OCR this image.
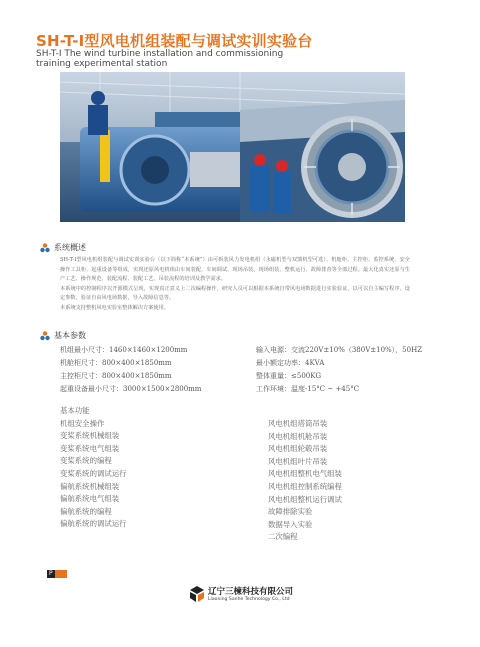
SH-T-I型风电机组装配与调试实训实验台
SH-T-I The wind turbine installation and commissioning
training experimental station
系统概述

SH-T-I型风电机组装配与调试实训实验台（以下简称“本系统”）由可拆装风力发电机组（永磁机型与双馈机型可选）、机舱柜、主控柜、监控系统、安全操作工具柜、起重设备等组成，实现还原风电机组由车间装配、车间调试、现场吊装、现场组装、整机运行、故障排查等全部过程。最大化真实还原与生产工艺、操作规范、装配流程、装配工艺、吊装流程的培训及教学需求。

本系统中的控制程序以开源模式呈现，实现真正意义上二次编程操作，研究人员可以根据本系统自带风电场数据进行实验验证，以可以自主编写程序，设定参数，验证自由风电场数据，导入故障信息等。

本系统支持整机风电实验室整体解决方案使用。

基本参数
机组最小尺寸：1460×1460×1200mm
机舱柜尺寸：800×400×1850mm
主控柜尺寸：800×400×1850mm
起重设备最小尺寸：3000×1500×2800mm
输入电源：交流220V±10%（380V±10%），50HZ
最小额定功率：4KVA
整体重量：≤500KG
工作环境：温度-15°C ~ +45°C
基本功能
机组安全操作
变桨系统机械组装
变桨系统电气组装
变桨系统的编程
变桨系统的调试运行
偏航系统机械组装
偏航系统电气组装
偏航系统的编程
偏航系统的调试运行
风电机组塔筒吊装
风电机组机舱吊装
风电机组轮毂吊装
风电机组叶片吊装
风电机组整机电气组装
风电机组控制系统编程
风电机组整机运行调试
故障排除实验
数据导入实验
二次编程
P
辽宁三楝科技有限公司
Liaoning Sanhe Technology Co., Ltd
